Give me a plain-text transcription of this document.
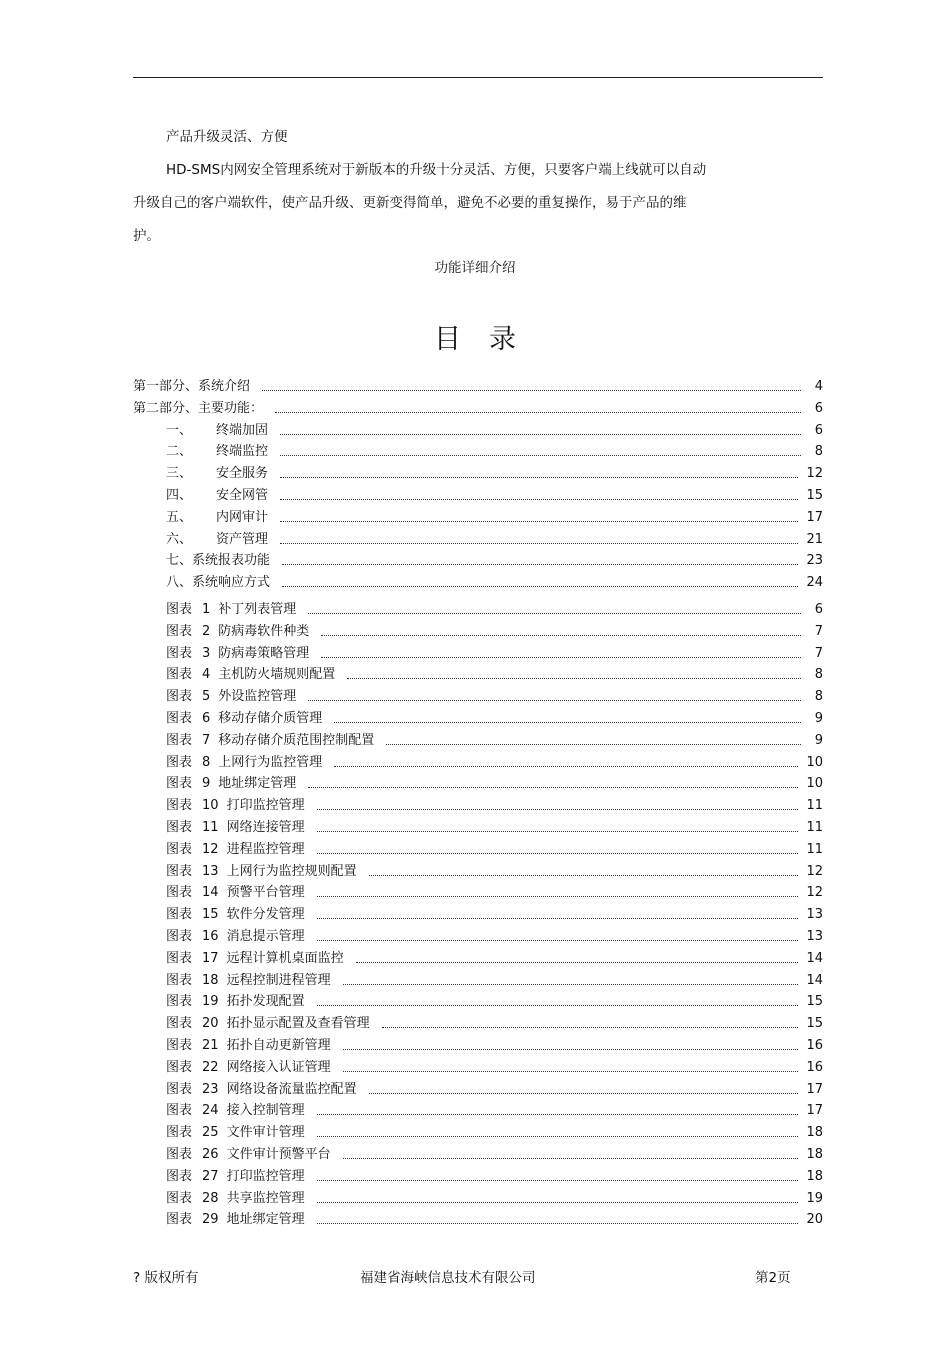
产品升级灵活、方便
HD-SMS内网安全管理系统对于新版本的升级十分灵活、方便，只要客户端上线就可以自动
升级自己的客户端软件，使产品升级、更新变得简单，避免不必要的重复操作，易于产品的维
护。
功能详细介绍
目录
第一部分、系统介绍	4
第二部分、主要功能：	6
一、 终端加固	6
二、 终端监控	8
三、 安全服务	12
四、 安全网管	15
五、 内网审计	17
六、 资产管理	21
七、系统报表功能	23
八、系统响应方式	24
图表 1 补丁列表管理	6
图表 2 防病毒软件种类	7
图表 3 防病毒策略管理	7
图表 4 主机防火墙规则配置	8
图表 5 外设监控管理	8
图表 6 移动存储介质管理	9
图表 7 移动存储介质范围控制配置	9
图表 8 上网行为监控管理	10
图表 9 地址绑定管理	10
图表 10 打印监控管理	11
图表 11 网络连接管理	11
图表 12 进程监控管理	11
图表 13 上网行为监控规则配置	12
图表 14 预警平台管理	12
图表 15 软件分发管理	13
图表 16 消息提示管理	13
图表 17 远程计算机桌面监控	14
图表 18 远程控制进程管理	14
图表 19 拓扑发现配置	15
图表 20 拓扑显示配置及查看管理	15
图表 21 拓扑自动更新管理	16
图表 22 网络接入认证管理	16
图表 23 网络设备流量监控配置	17
图表 24 接入控制管理	17
图表 25 文件审计管理	18
图表 26 文件审计预警平台	18
图表 27 打印监控管理	18
图表 28 共享监控管理	19
图表 29 地址绑定管理	20
? 版权所有	福建省海峡信息技术有限公司	第2页
